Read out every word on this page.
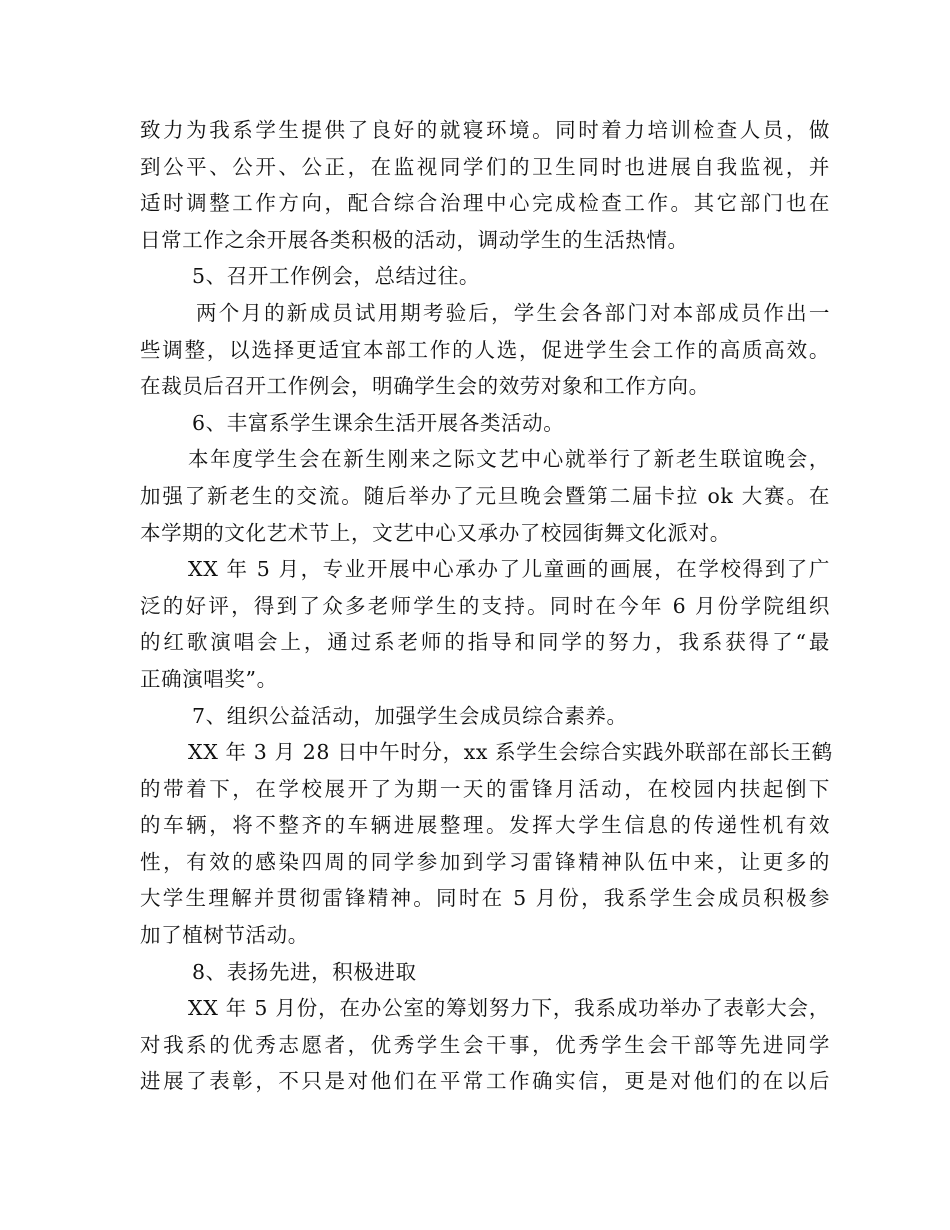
致力为我系学生提供了良好的就寝环境。同时着力培训检查人员，做
到公平、公开、公正，在监视同学们的卫生同时也进展自我监视，并
适时调整工作方向，配合综合治理中心完成检查工作。其它部门也在
日常工作之余开展各类积极的活动，调动学生的生活热情。
5、召开工作例会，总结过往。
两个月的新成员试用期考验后，学生会各部门对本部成员作出一
些调整，以选择更适宜本部工作的人选，促进学生会工作的高质高效。
在裁员后召开工作例会，明确学生会的效劳对象和工作方向。
6、丰富系学生课余生活开展各类活动。
本年度学生会在新生刚来之际文艺中心就举行了新老生联谊晚会，
加强了新老生的交流。随后举办了元旦晚会暨第二届卡拉 ok 大赛。在
本学期的文化艺术节上，文艺中心又承办了校园街舞文化派对。
XX 年 5 月，专业开展中心承办了儿童画的画展，在学校得到了广
泛的好评，得到了众多老师学生的支持。同时在今年 6 月份学院组织
的红歌演唱会上，通过系老师的指导和同学的努力，我系获得了“最
正确演唱奖”。
7、组织公益活动，加强学生会成员综合素养。
XX 年 3 月 28 日中午时分，xx 系学生会综合实践外联部在部长王鹤
的带着下，在学校展开了为期一天的雷锋月活动，在校园内扶起倒下
的车辆，将不整齐的车辆进展整理。发挥大学生信息的传递性机有效
性，有效的感染四周的同学参加到学习雷锋精神队伍中来，让更多的
大学生理解并贯彻雷锋精神。同时在 5 月份，我系学生会成员积极参
加了植树节活动。
8、表扬先进，积极进取
XX 年 5 月份，在办公室的筹划努力下，我系成功举办了表彰大会，
对我系的优秀志愿者，优秀学生会干事，优秀学生会干部等先进同学
进展了表彰，不只是对他们在平常工作确实信，更是对他们的在以后
